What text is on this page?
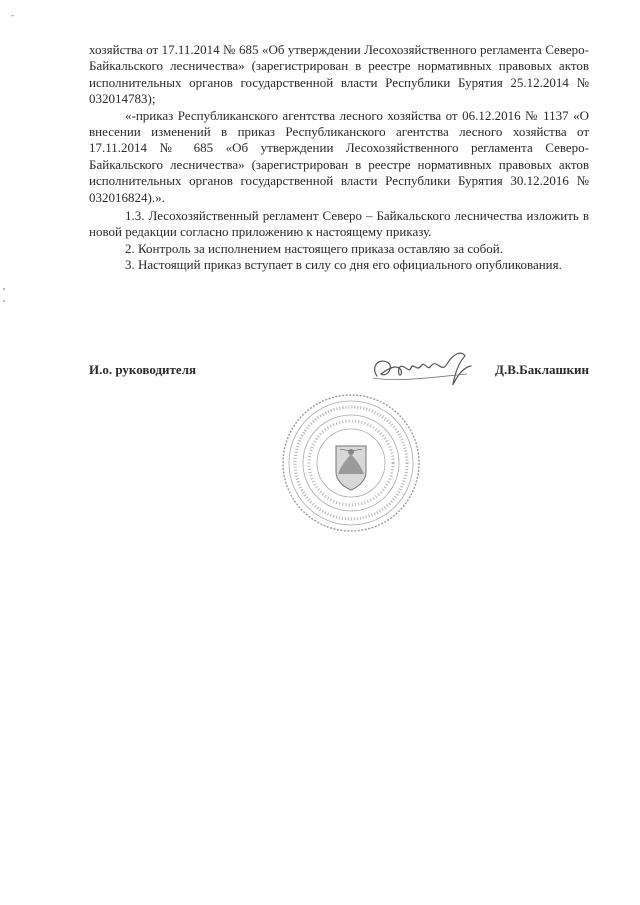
-

хозяйства от 17.11.2014 № 685 «Об утверждении Лесохозяйственного регламента Северо-Байкальского лесничества» (зарегистрирован в реестре нормативных правовых актов исполнительных органов государственной власти Республики Бурятия 25.12.2014 № 032014783);

«-приказ Республиканского агентства лесного хозяйства от 06.12.2016 № 1137 «О внесении изменений в приказ Республиканского агентства лесного хозяйства от 17.11.2014 № 685 «Об утверждении Лесохозяйственного регламента Северо-Байкальского лесничества» (зарегистрирован в реестре нормативных правовых актов исполнительных органов государственной власти Республики Бурятия 30.12.2016 № 032016824).».

1.3. Лесохозяйственный регламент Северо – Байкальского лесничества изложить в новой редакции согласно приложению к настоящему приказу.

2. Контроль за исполнением настоящего приказа оставляю за собой.

3. Настоящий приказ вступает в силу со дня его официального опубликования.

И.о. руководителя	Д.В.Баклашкин
